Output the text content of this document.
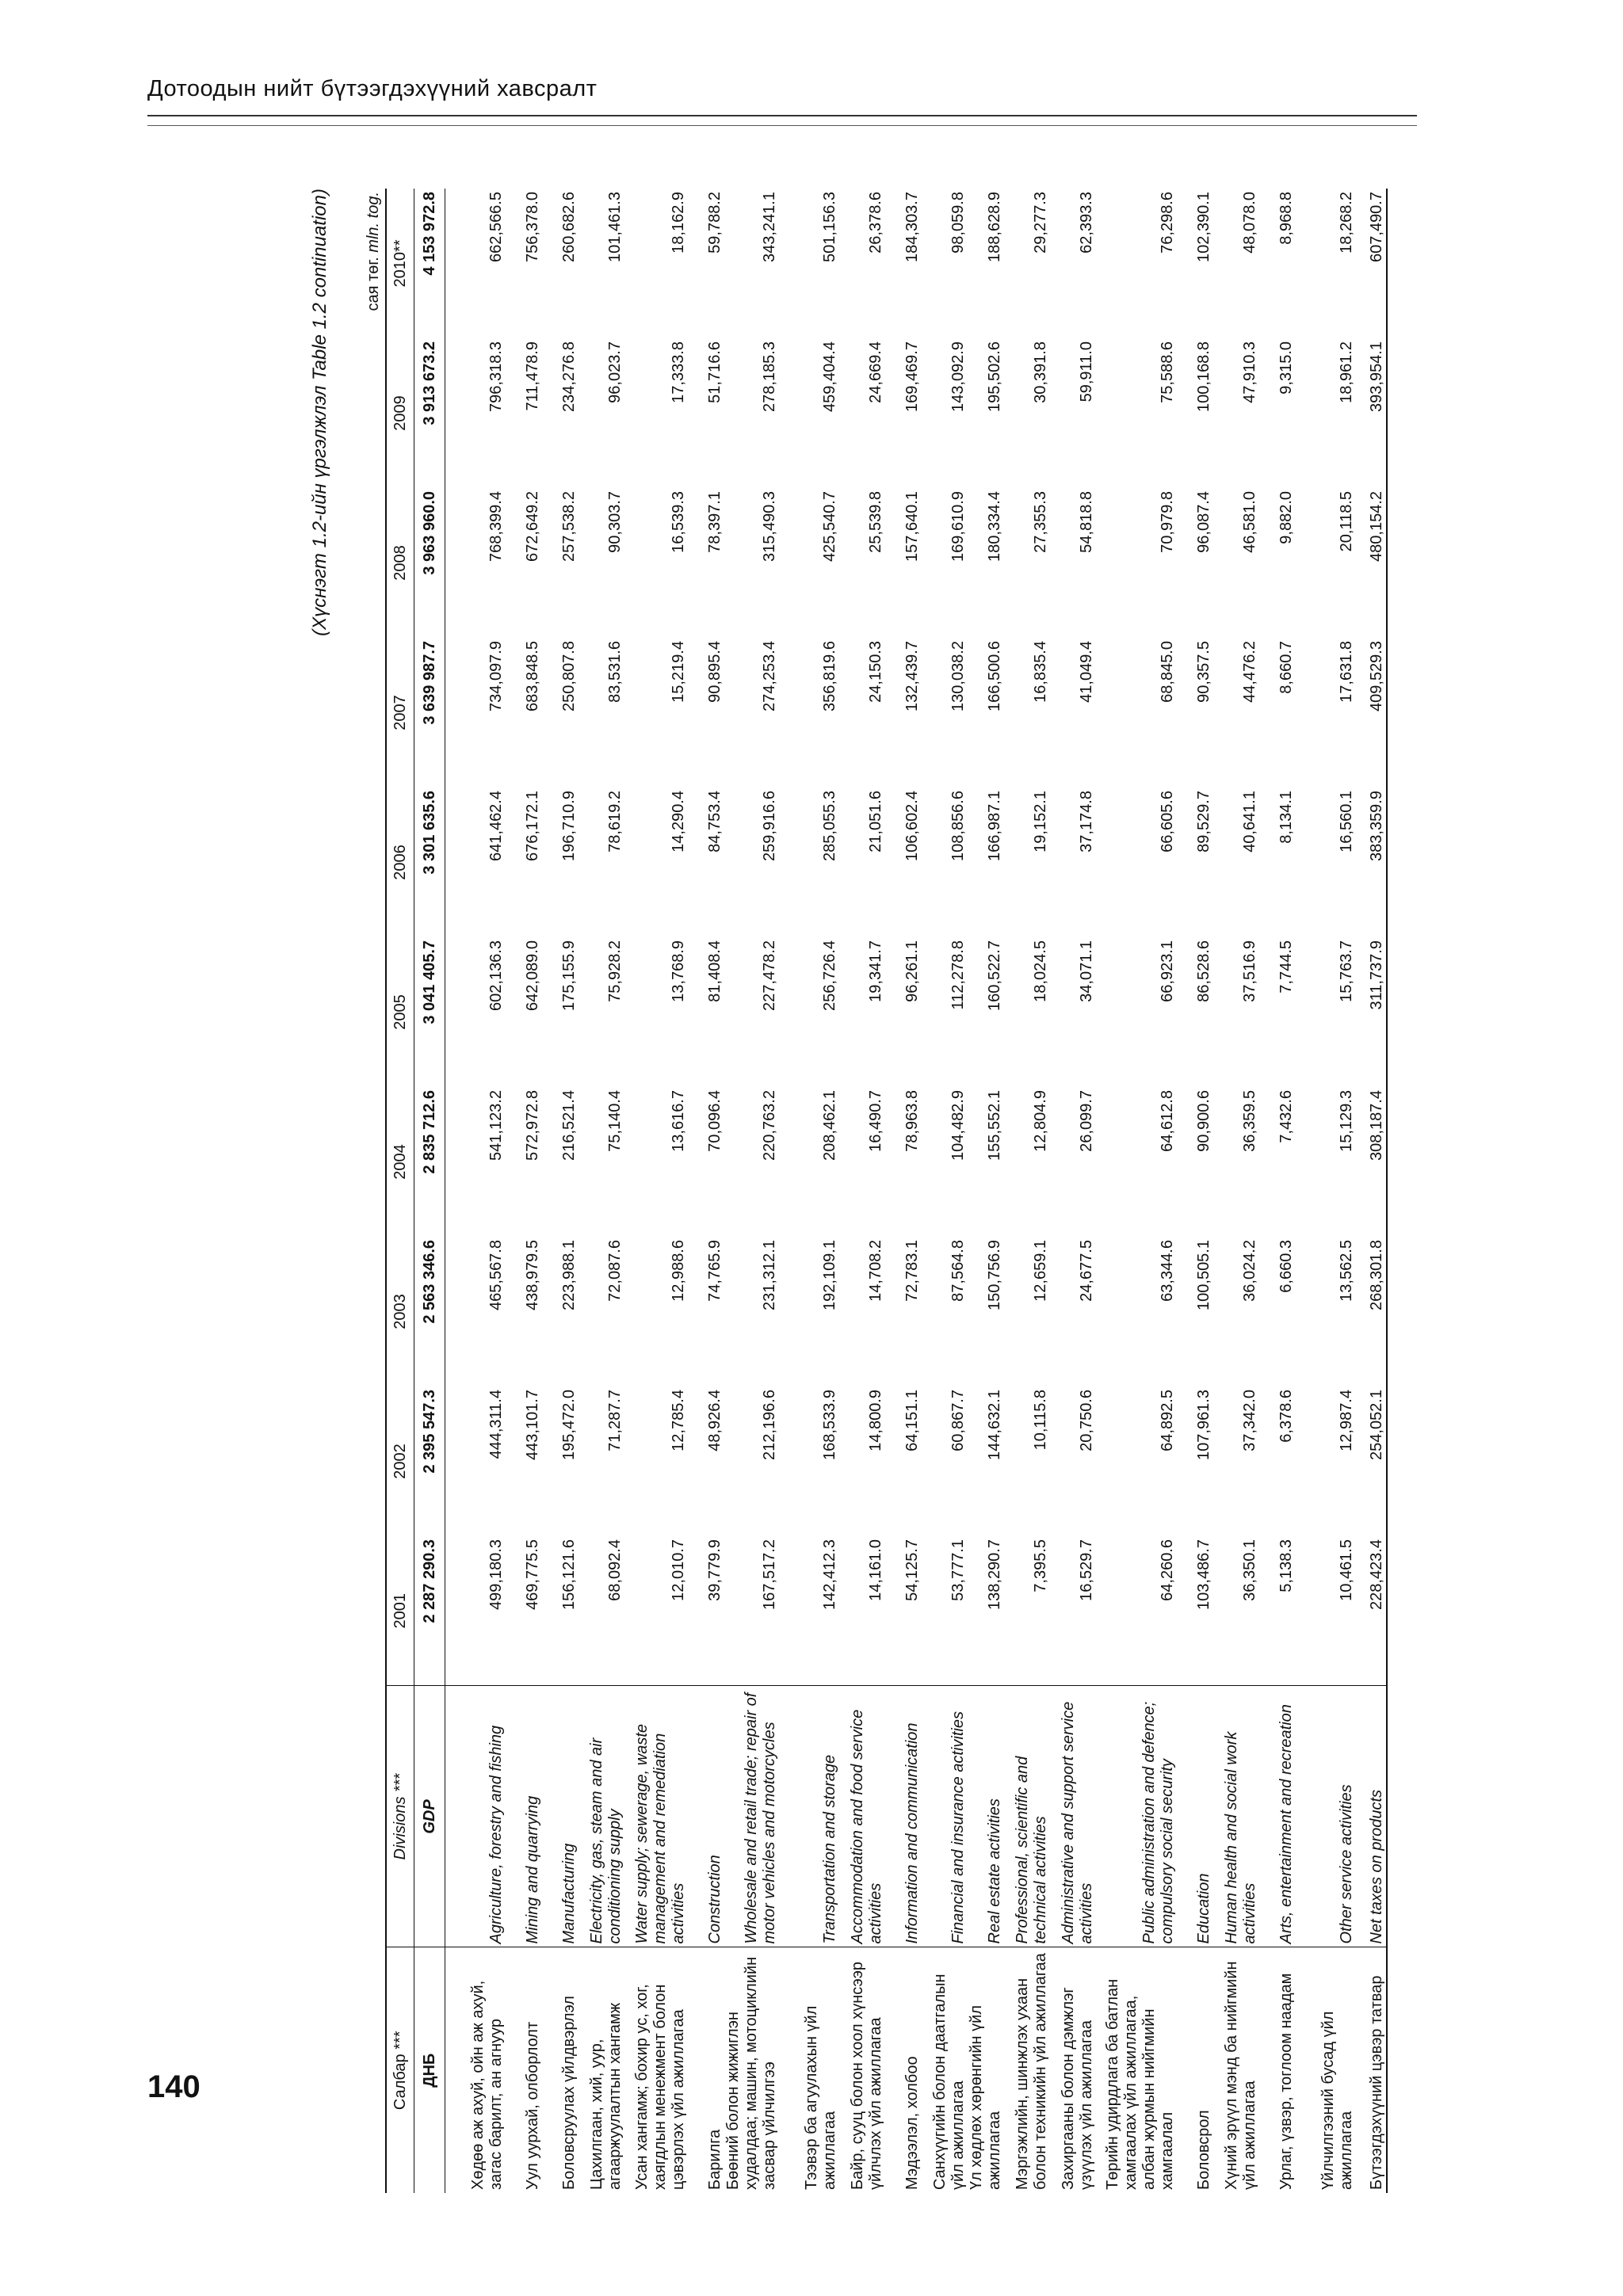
Дотоодын нийт бүтээгдэхүүний хавсралт
140
(Хүснэгт 1.2-ийн үргэлжлэл Table 1.2 continuation) сая төг. mln. tog.
Салбар ***	Divisions ***	2001	2002	2003	2004	2005	2006	2007	2008	2009	2010**
ДНБ	GDP	2 287 290.3	2 395 547.3	2 563 346.6	2 835 712.6	3 041 405.7	3 301 635.6	3 639 987.7	3 963 960.0	3 913 673.2	4 153 972.8
Хөдөө аж ахуй, ойн аж ахуй, загас барилт, ан агнуур	Agriculture, forestry and fishing	499,180.3	444,311.4	465,567.8	541,123.2	602,136.3	641,462.4	734,097.9	768,399.4	796,318.3	662,566.5
Уул уурхай, олборлолт	Mining and quarrying	469,775.5	443,101.7	438,979.5	572,972.8	642,089.0	676,172.1	683,848.5	672,649.2	711,478.9	756,378.0
Боловсруулах үйлдвэрлэл	Manufacturing	156,121.6	195,472.0	223,988.1	216,521.4	175,155.9	196,710.9	250,807.8	257,538.2	234,276.8	260,682.6
Цахилгаан, хий, уур, агааржуулалтын хангамж	Electricity, gas, steam and air conditioning supply	68,092.4	71,287.7	72,087.6	75,140.4	75,928.2	78,619.2	83,531.6	90,303.7	96,023.7	101,461.3
Усан хангамж; бохир ус, хог, хаягдлын менежмент болон цэвэрлэх үйл ажиллагаа	Water supply; sewerage, waste management and remediation activities	12,010.7	12,785.4	12,988.6	13,616.7	13,768.9	14,290.4	15,219.4	16,539.3	17,333.8	18,162.9
Барилга	Construction	39,779.9	48,926.4	74,765.9	70,096.4	81,408.4	84,753.4	90,895.4	78,397.1	51,716.6	59,788.2
Бөөний болон жижиглэн худалдаа; машин, мотоциклийн засвар үйлчилгээ	Wholesale and retail trade; repair of motor vehicles and motorcycles	167,517.2	212,196.6	231,312.1	220,763.2	227,478.2	259,916.6	274,253.4	315,490.3	278,185.3	343,241.1
Тээвэр ба агуулахын үйл ажиллагаа	Transportation and storage	142,412.3	168,533.9	192,109.1	208,462.1	256,726.4	285,055.3	356,819.6	425,540.7	459,404.4	501,156.3
Байр, сууц болон хоол хүнсээр үйлчлэх үйл ажиллагаа	Accommodation and food service activities	14,161.0	14,800.9	14,708.2	16,490.7	19,341.7	21,051.6	24,150.3	25,539.8	24,669.4	26,378.6
Мэдээлэл, холбоо	Information and communication	54,125.7	64,151.1	72,783.1	78,963.8	96,261.1	106,602.4	132,439.7	157,640.1	169,469.7	184,303.7
Санхүүгийн болон даатгалын үйл ажиллагаа	Financial and insurance activities	53,777.1	60,867.7	87,564.8	104,482.9	112,278.8	108,856.6	130,038.2	169,610.9	143,092.9	98,059.8
Үл хөдлөх хөрөнгийн үйл ажиллагаа	Real estate activities	138,290.7	144,632.1	150,756.9	155,552.1	160,522.7	166,987.1	166,500.6	180,334.4	195,502.6	188,628.9
Мэргэжлийн, шинжлэх ухаан болон техникийн үйл ажиллагаа	Professional, scientific and technical activities	7,395.5	10,115.8	12,659.1	12,804.9	18,024.5	19,152.1	16,835.4	27,355.3	30,391.8	29,277.3
Захиргааны болон дэмжлэг үзүүлэх үйл ажиллагаа	Administrative and support service activities	16,529.7	20,750.6	24,677.5	26,099.7	34,071.1	37,174.8	41,049.4	54,818.8	59,911.0	62,393.3
Төрийн удирдлага ба батлан хамгаалах үйл ажиллагаа, албан журмын нийгмийн хамгаалал	Public administration and defence; compulsory social security	64,260.6	64,892.5	63,344.6	64,612.8	66,923.1	66,605.6	68,845.0	70,979.8	75,588.6	76,298.6
Боловсрол	Education	103,486.7	107,961.3	100,505.1	90,900.6	86,528.6	89,529.7	90,357.5	96,087.4	100,168.8	102,390.1
Хүний эрүүл мэнд ба нийгмийн үйл ажиллагаа	Human health and social work activities	36,350.1	37,342.0	36,024.2	36,359.5	37,516.9	40,641.1	44,476.2	46,581.0	47,910.3	48,078.0
Урлаг, үзвэр, тоглоом наадам	Arts, entertainment and recreation	5,138.3	6,378.6	6,660.3	7,432.6	7,744.5	8,134.1	8,660.7	9,882.0	9,315.0	8,968.8
Үйлчилгээний бусад үйл ажиллагаа	Other service activities	10,461.5	12,987.4	13,562.5	15,129.3	15,763.7	16,560.1	17,631.8	20,118.5	18,961.2	18,268.2
Бүтээгдэхүүний цэвэр татвар	Net taxes on products	228,423.4	254,052.1	268,301.8	308,187.4	311,737.9	383,359.9	409,529.3	480,154.2	393,954.1	607,490.7
